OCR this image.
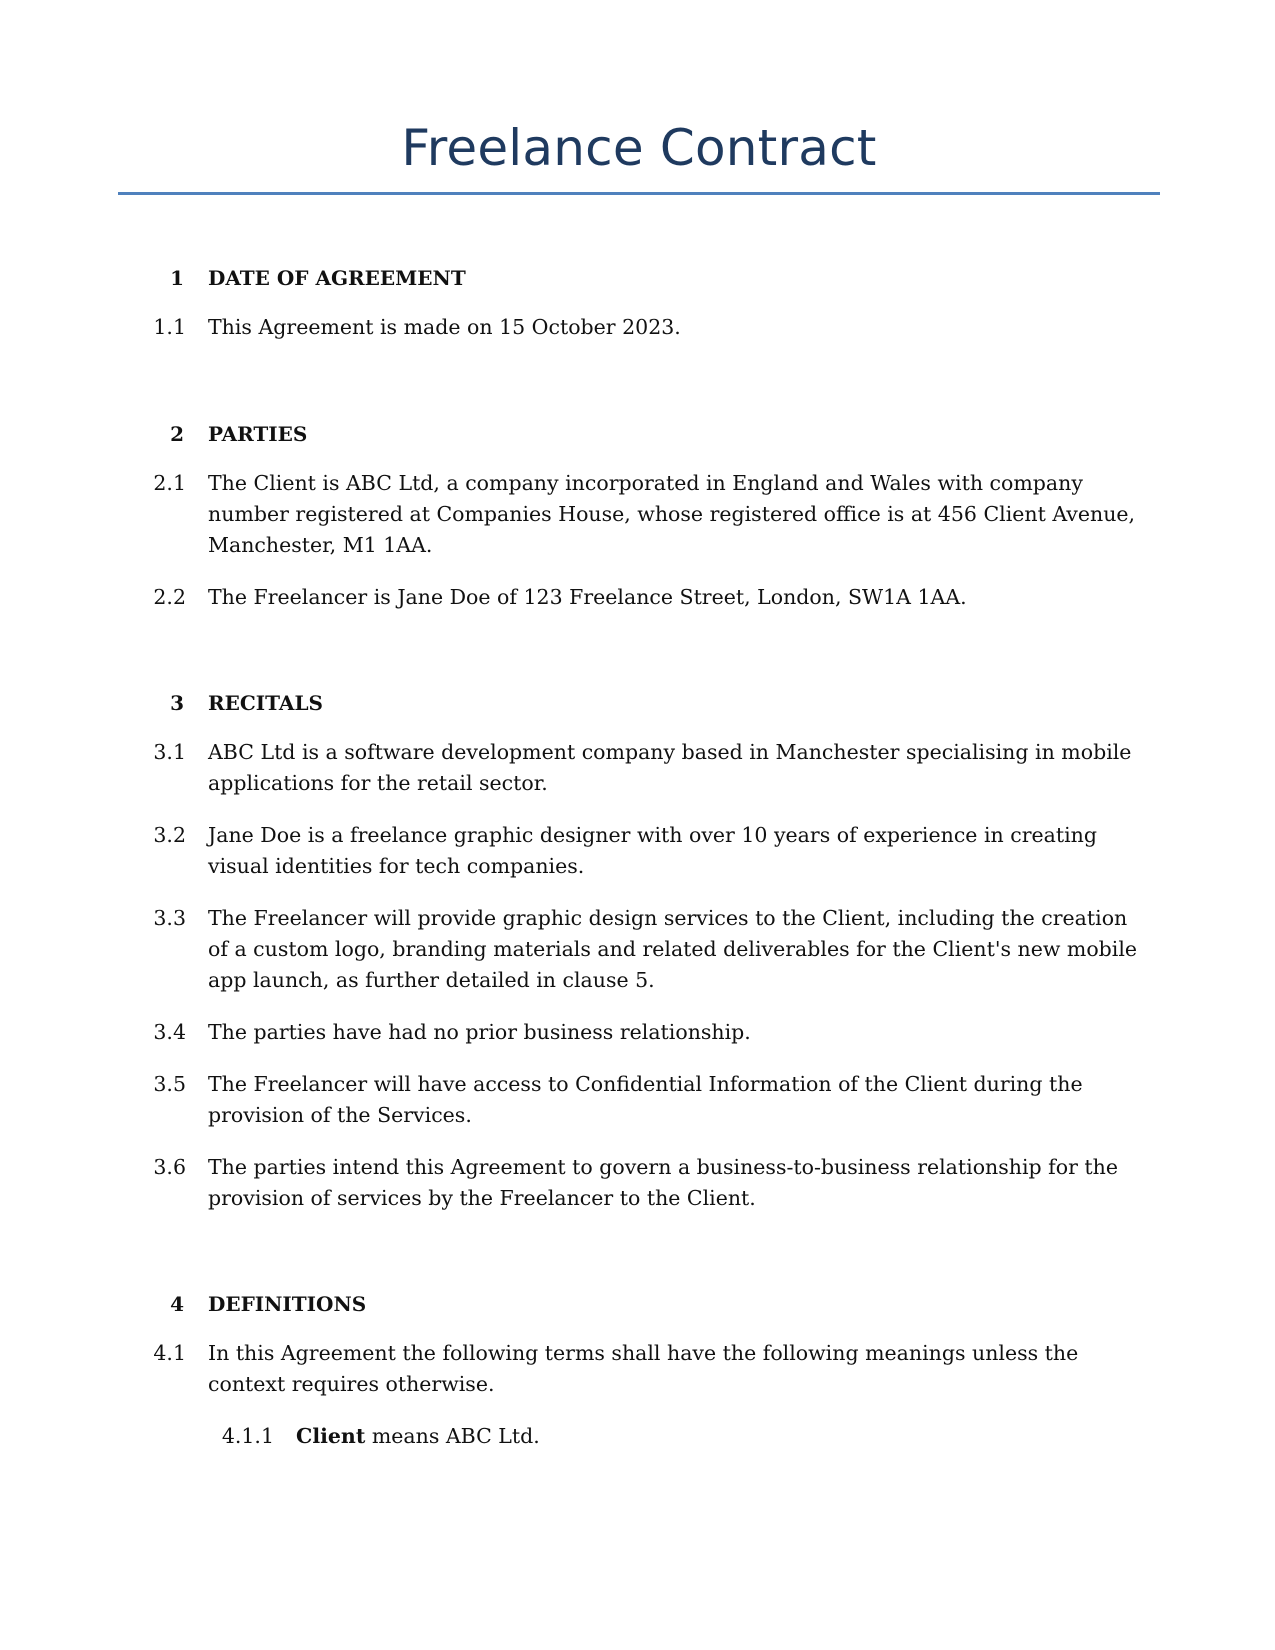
Freelance Contract
1 DATE OF AGREEMENT
1.1 This Agreement is made on 15 October 2023.
2 PARTIES
2.1 The Client is ABC Ltd, a company incorporated in England and Wales with company number registered at Companies House, whose registered office is at 456 Client Avenue, Manchester, M1 1AA.
2.2 The Freelancer is Jane Doe of 123 Freelance Street, London, SW1A 1AA.
3 RECITALS
3.1 ABC Ltd is a software development company based in Manchester specialising in mobile applications for the retail sector.
3.2 Jane Doe is a freelance graphic designer with over 10 years of experience in creating visual identities for tech companies.
3.3 The Freelancer will provide graphic design services to the Client, including the creation of a custom logo, branding materials and related deliverables for the Client's new mobile app launch, as further detailed in clause 5.
3.4 The parties have had no prior business relationship.
3.5 The Freelancer will have access to Confidential Information of the Client during the provision of the Services.
3.6 The parties intend this Agreement to govern a business-to-business relationship for the provision of services by the Freelancer to the Client.
4 DEFINITIONS
4.1 In this Agreement the following terms shall have the following meanings unless the context requires otherwise.
4.1.1 Client means ABC Ltd.
